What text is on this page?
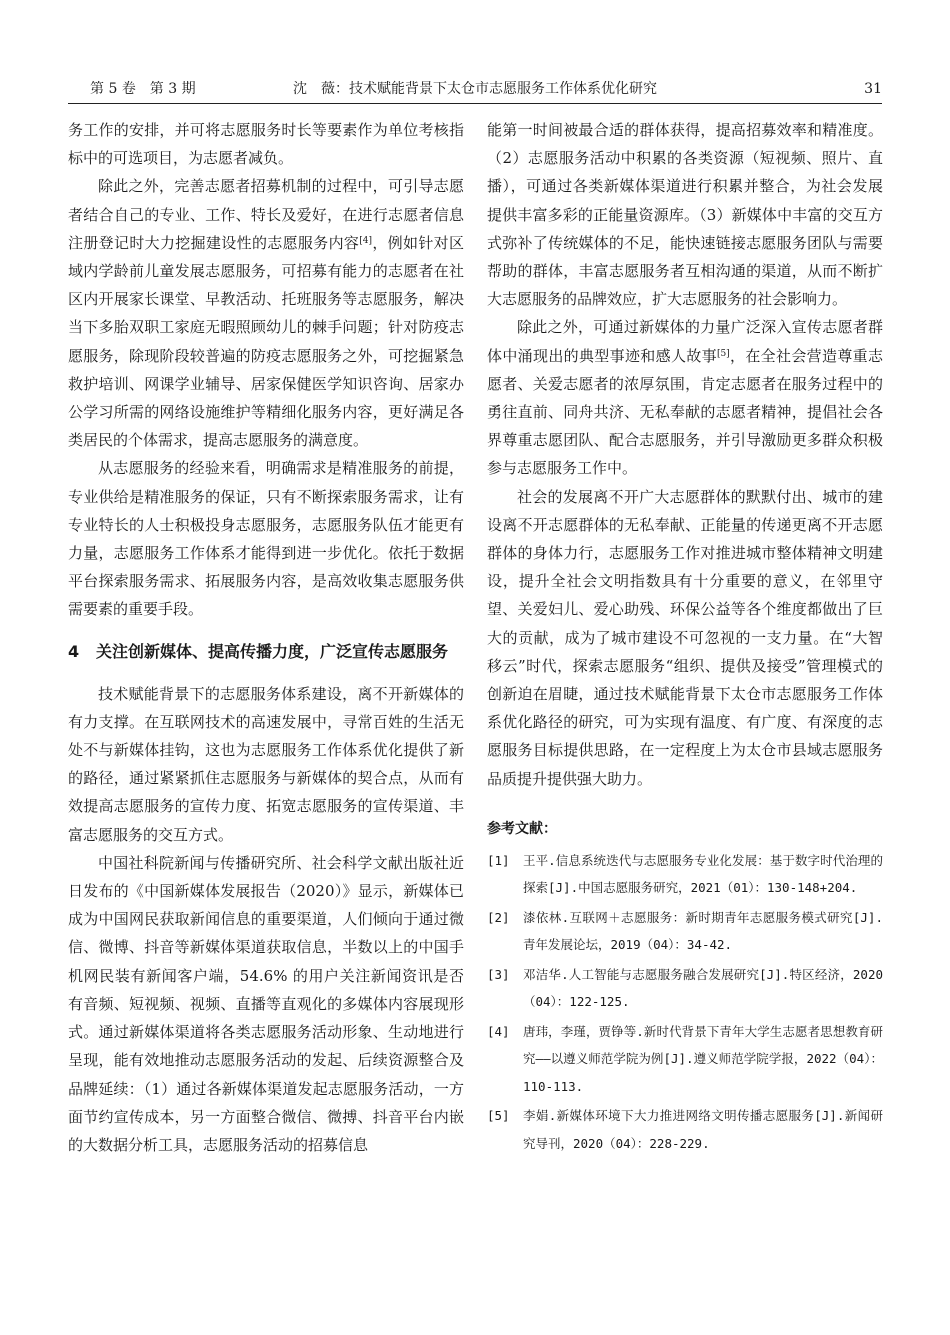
第 5 卷　第 3 期	沈　薇：技术赋能背景下太仓市志愿服务工作体系优化研究	31

务工作的安排，并可将志愿服务时长等要素作为单位考核指标中的可选项目，为志愿者减负。

除此之外，完善志愿者招募机制的过程中，可引导志愿者结合自己的专业、工作、特长及爱好，在进行志愿者信息注册登记时大力挖掘建设性的志愿服务内容[4]，例如针对区域内学龄前儿童发展志愿服务，可招募有能力的志愿者在社区内开展家长课堂、早教活动、托班服务等志愿服务，解决当下多胎双职工家庭无暇照顾幼儿的棘手问题；针对防疫志愿服务，除现阶段较普遍的防疫志愿服务之外，可挖掘紧急救护培训、网课学业辅导、居家保健医学知识咨询、居家办公学习所需的网络设施维护等精细化服务内容，更好满足各类居民的个体需求，提高志愿服务的满意度。

从志愿服务的经验来看，明确需求是精准服务的前提，专业供给是精准服务的保证，只有不断探索服务需求，让有专业特长的人士积极投身志愿服务，志愿服务队伍才能更有力量，志愿服务工作体系才能得到进一步优化。依托于数据平台探索服务需求、拓展服务内容，是高效收集志愿服务供需要素的重要手段。

4 关注创新媒体、提高传播力度，广泛宣传志愿服务

技术赋能背景下的志愿服务体系建设，离不开新媒体的有力支撑。在互联网技术的高速发展中，寻常百姓的生活无处不与新媒体挂钩，这也为志愿服务工作体系优化提供了新的路径，通过紧紧抓住志愿服务与新媒体的契合点，从而有效提高志愿服务的宣传力度、拓宽志愿服务的宣传渠道、丰富志愿服务的交互方式。

中国社科院新闻与传播研究所、社会科学文献出版社近日发布的《中国新媒体发展报告（2020）》显示，新媒体已成为中国网民获取新闻信息的重要渠道，人们倾向于通过微信、微博、抖音等新媒体渠道获取信息，半数以上的中国手机网民装有新闻客户端，54.6% 的用户关注新闻资讯是否有音频、短视频、视频、直播等直观化的多媒体内容展现形式。通过新媒体渠道将各类志愿服务活动形象、生动地进行呈现，能有效地推动志愿服务活动的发起、后续资源整合及品牌延续：（1）通过各新媒体渠道发起志愿服务活动，一方面节约宣传成本，另一方面整合微信、微搏、抖音平台内嵌的大数据分析工具，志愿服务活动的招募信息

能第一时间被最合适的群体获得，提高招募效率和精准度。（2）志愿服务活动中积累的各类资源（短视频、照片、直播），可通过各类新媒体渠道进行积累并整合，为社会发展提供丰富多彩的正能量资源库。（3）新媒体中丰富的交互方式弥补了传统媒体的不足，能快速链接志愿服务团队与需要帮助的群体，丰富志愿服务者互相沟通的渠道，从而不断扩大志愿服务的品牌效应，扩大志愿服务的社会影响力。

除此之外，可通过新媒体的力量广泛深入宣传志愿者群体中涌现出的典型事迹和感人故事[5]，在全社会营造尊重志愿者、关爱志愿者的浓厚氛围，肯定志愿者在服务过程中的勇往直前、同舟共济、无私奉献的志愿者精神，提倡社会各界尊重志愿团队、配合志愿服务，并引导激励更多群众积极参与志愿服务工作中。

社会的发展离不开广大志愿群体的默默付出、城市的建设离不开志愿群体的无私奉献、正能量的传递更离不开志愿群体的身体力行，志愿服务工作对推进城市整体精神文明建设，提升全社会文明指数具有十分重要的意义，在邻里守望、关爱妇儿、爱心助残、环保公益等各个维度都做出了巨大的贡献，成为了城市建设不可忽视的一支力量。在“大智移云”时代，探索志愿服务“组织、提供及接受”管理模式的创新迫在眉睫，通过技术赋能背景下太仓市志愿服务工作体系优化路径的研究，可为实现有温度、有广度、有深度的志愿服务目标提供思路，在一定程度上为太仓市县域志愿服务品质提升提供强大助力。

参考文献：
[1] 王平.信息系统迭代与志愿服务专业化发展：基于数字时代治理的探索[J].中国志愿服务研究，2021（01）：130-148+204.
[2] 漆依林.互联网＋志愿服务：新时期青年志愿服务模式研究[J].青年发展论坛，2019（04）：34-42.
[3] 邓洁华.人工智能与志愿服务融合发展研究[J].特区经济，2020（04）：122-125.
[4] 唐玮，李瑾，贾铮等.新时代背景下青年大学生志愿者思想教育研究——以遵义师范学院为例[J].遵义师范学院学报，2022（04）：110-113.
[5] 李娟.新媒体环境下大力推进网络文明传播志愿服务[J].新闻研究导刊，2020（04）：228-229.
